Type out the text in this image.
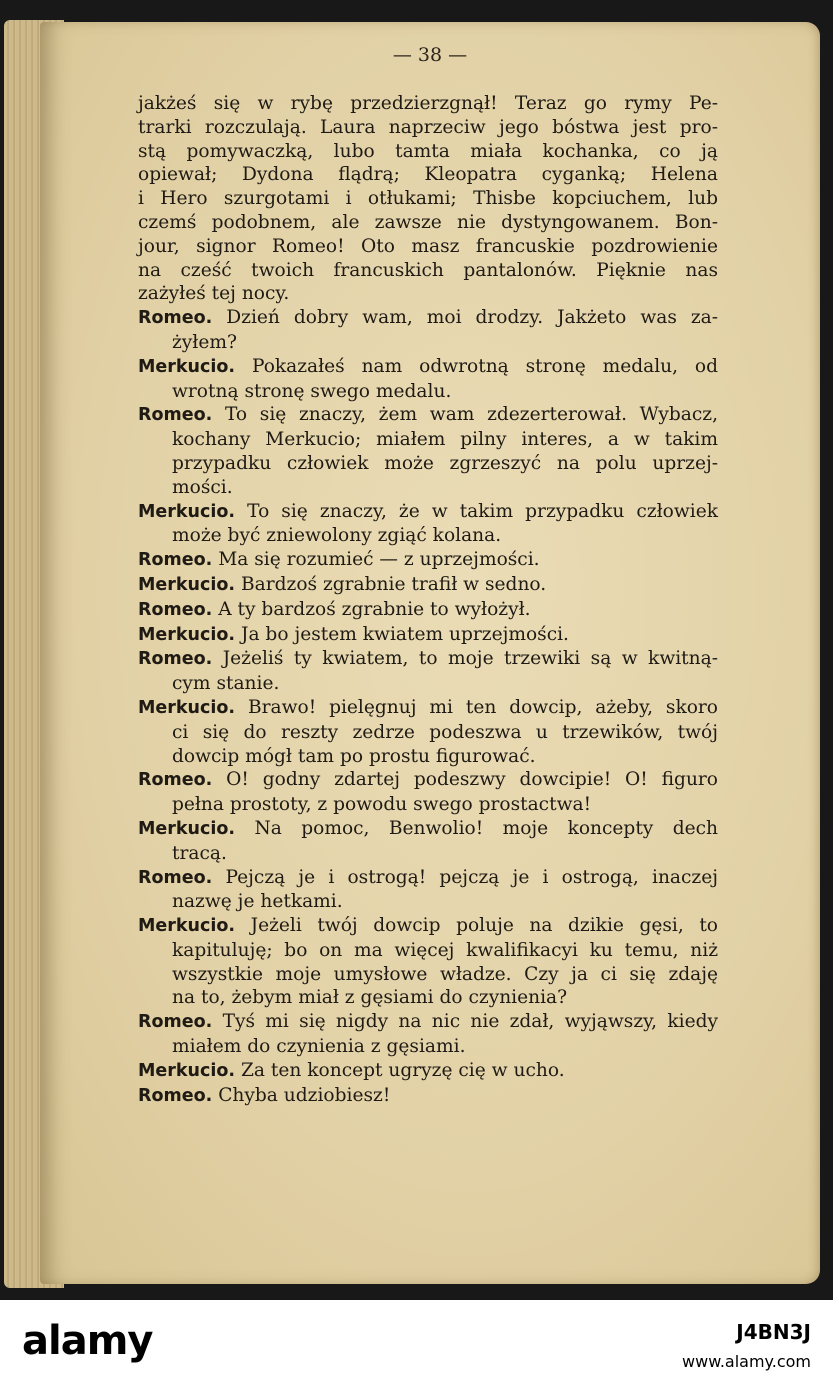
— 38 —
jakżeś się w rybę przedzierzgnął! Teraz go rymy Pe-
trarki rozczulają. Laura naprzeciw jego bóstwa jest pro-
stą pomywaczką, lubo tamta miała kochanka, co ją
opiewał; Dydona flądrą; Kleopatra cyganką; Helena
i Hero szurgotami i otłukami; Thisbe kopciuchem, lub
czemś podobnem, ale zawsze nie dystyngowanem. Bon-
jour, signor Romeo! Oto masz francuskie pozdrowienie
na cześć twoich francuskich pantalonów. Pięknie nas
zażyłeś tej nocy.
Romeo. Dzień dobry wam, moi drodzy. Jakżeto was za-
żyłem?
Merkucio. Pokazałeś nam odwrotną stronę medalu, od
wrotną stronę swego medalu.
Romeo. To się znaczy, żem wam zdezerterował. Wybacz,
kochany Merkucio; miałem pilny interes, a w takim
przypadku człowiek może zgrzeszyć na polu uprzej-
mości.
Merkucio. To się znaczy, że w takim przypadku człowiek
może być zniewolony zgiąć kolana.
Romeo. Ma się rozumieć — z uprzejmości.
Merkucio. Bardzoś zgrabnie trafił w sedno.
Romeo. A ty bardzoś zgrabnie to wyłożył.
Merkucio. Ja bo jestem kwiatem uprzejmości.
Romeo. Jeżeliś ty kwiatem, to moje trzewiki są w kwitną-
cym stanie.
Merkucio. Brawo! pielęgnuj mi ten dowcip, ażeby, skoro
ci się do reszty zedrze podeszwa u trzewików, twój
dowcip mógł tam po prostu figurować.
Romeo. O! godny zdartej podeszwy dowcipie! O! figuro
pełna prostoty, z powodu swego prostactwa!
Merkucio. Na pomoc, Benwolio! moje koncepty dech
tracą.
Romeo. Pejczą je i ostrogą! pejczą je i ostrogą, inaczej
nazwę je hetkami.
Merkucio. Jeżeli twój dowcip poluje na dzikie gęsi, to
kapituluję; bo on ma więcej kwalifikacyi ku temu, niż
wszystkie moje umysłowe władze. Czy ja ci się zdaję
na to, żebym miał z gęsiami do czynienia?
Romeo. Tyś mi się nigdy na nic nie zdał, wyjąwszy, kiedy
miałem do czynienia z gęsiami.
Merkucio. Za ten koncept ugryzę cię w ucho.
Romeo. Chyba udziobiesz!
alamy	J4BN3J
www.alamy.com
